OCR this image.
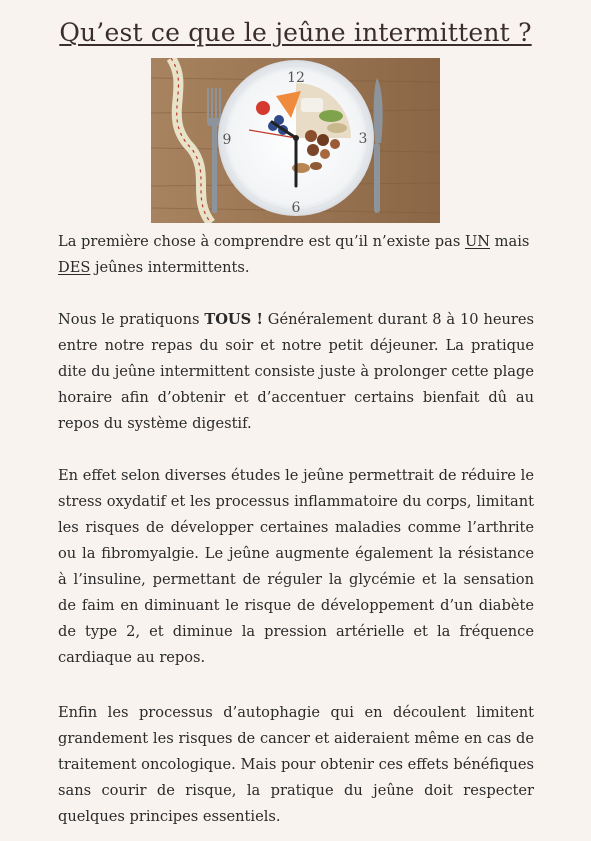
Qu’est ce que le jeûne intermittent ?
12
3
6
9
La première chose à comprendre est qu’il n’existe pas UN mais
DES jeûnes intermittents.
Nous le pratiquons TOUS ! Généralement durant 8 à 10 heures entre notre repas du soir et notre petit déjeuner. La pratique dite du jeûne intermittent consiste juste à prolonger cette plage horaire afin d’obtenir et d’accentuer certains bienfait dû au repos du système digestif.
En effet selon diverses études le jeûne permettrait de réduire le stress oxydatif et les processus inflammatoire du corps, limitant les risques de développer certaines maladies comme l’arthrite ou la fibromyalgie. Le jeûne augmente également la résistance à l’insuline, permettant de réguler la glycémie et la sensation de faim en diminuant le risque de développement d’un diabète de type 2, et diminue la pression artérielle et la fréquence cardiaque au repos.
Enfin les processus d’autophagie qui en découlent limitent grandement les risques de cancer et aideraient même en cas de traitement oncologique. Mais pour obtenir ces effets bénéfiques sans courir de risque, la pratique du jeûne doit respecter quelques principes essentiels.
